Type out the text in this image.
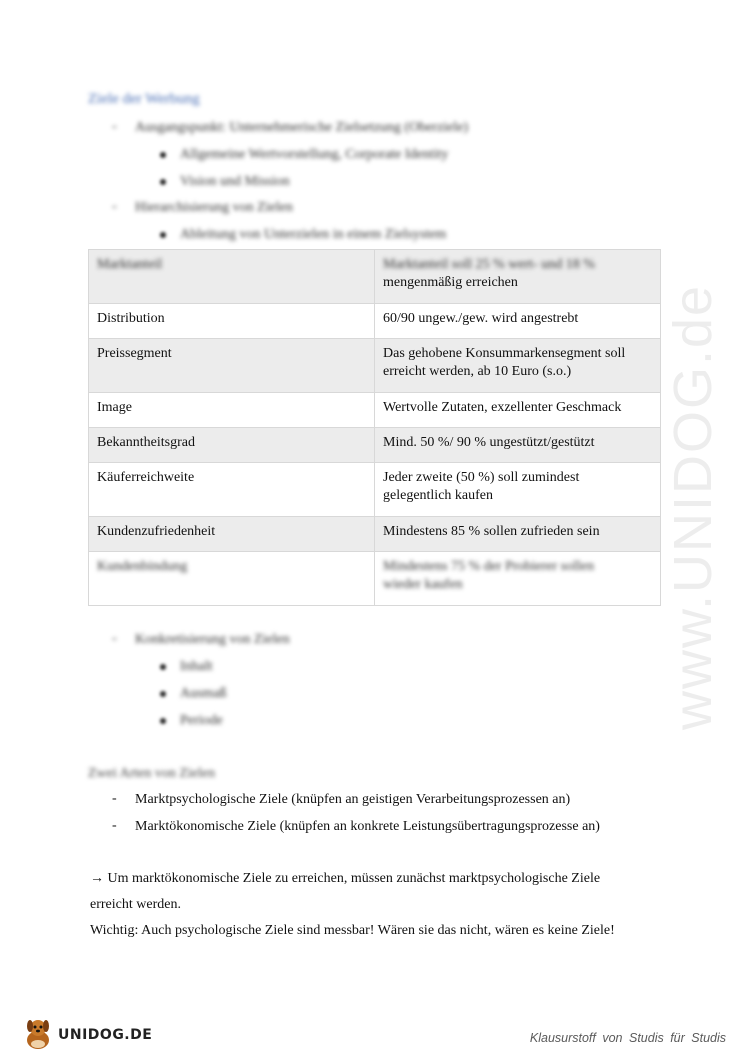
www.UNIDOG.de
Ziele der Werbung
- Ausgangspunkt: Unternehmerische Zielsetzung (Oberziele)
Allgemeine Wertvorstellung, Corporate Identity
Vision und Mission
- Hierarchisierung von Zielen
Ableitung von Unterzielen in einem Zielsystem
Marktanteil	Marktanteil soll 25 % wert- und 18 %
mengenmäßig erreichen

Distribution	60/90 ungew./gew. wird angestrebt
Preissegment	Das gehobene Konsummarkensegment soll
erreicht werden, ab 10 Euro (s.o.)

Image	Wertvolle Zutaten, exzellenter Geschmack
Bekanntheitsgrad	Mind. 50 %/ 90 % ungestützt/gestützt
Käuferreichweite	Jeder zweite (50 %) soll zumindest
gelegentlich kaufen

Kundenzufriedenheit	Mindestens 85 % sollen zufrieden sein
Kundenbindung	Mindestens 75 % der Probierer sollen
wieder kaufen
- Konkretisierung von Zielen
Inhalt
Ausmaß
Periode
Zwei Arten von Zielen
- Marktpsychologische Ziele (knüpfen an geistigen Verarbeitungsprozessen an)
- Marktökonomische Ziele (knüpfen an konkrete Leistungsübertragungsprozesse an)
→ Um marktökonomische Ziele zu erreichen, müssen zunächst marktpsychologische Ziele
erreicht werden.
Wichtig: Auch psychologische Ziele sind messbar! Wären sie das nicht, wären es keine Ziele!
UNIDOG.DE	Klausurstoff von Studis für Studis
